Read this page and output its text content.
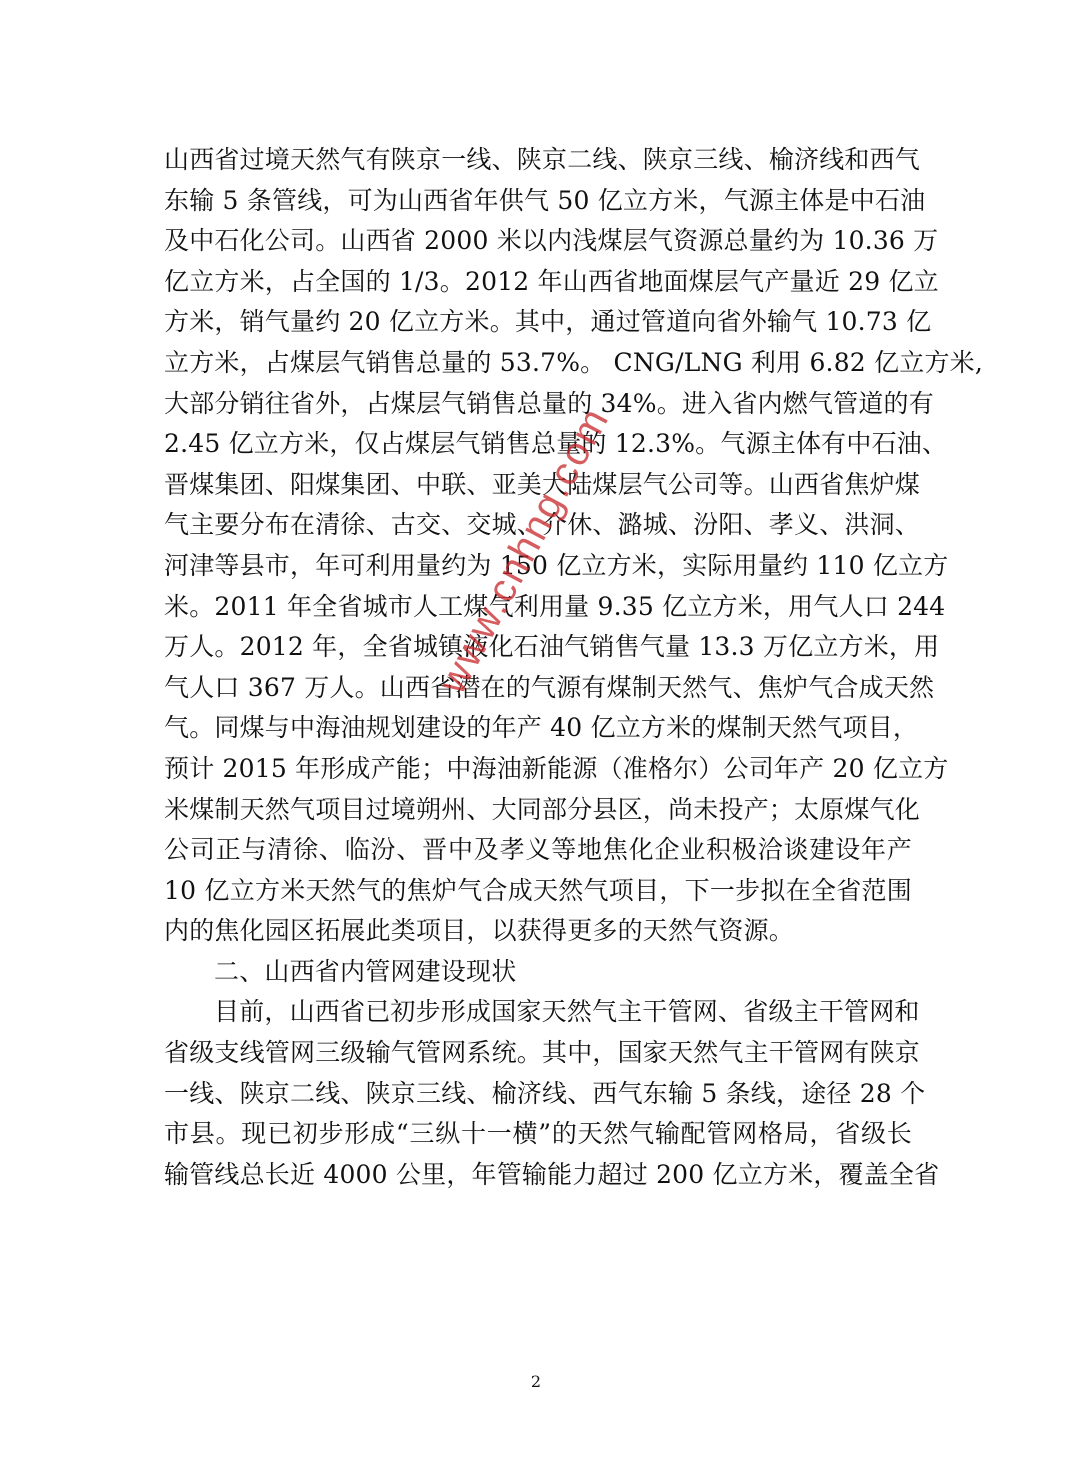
山西省过境天然气有陕京一线、陕京二线、陕京三线、榆济线和西气
东输 5 条管线，可为山西省年供气 50 亿立方米，气源主体是中石油
及中石化公司。山西省 2000 米以内浅煤层气资源总量约为 10.36 万
亿立方米，占全国的 1/3。2012 年山西省地面煤层气产量近 29 亿立
方米，销气量约 20 亿立方米。其中，通过管道向省外输气 10.73 亿
立方米，占煤层气销售总量的 53.7%。 CNG/LNG 利用 6.82 亿立方米,
大部分销往省外，占煤层气销售总量的 34%。进入省内燃气管道的有
2.45 亿立方米，仅占煤层气销售总量的 12.3%。气源主体有中石油、
晋煤集团、阳煤集团、中联、亚美大陆煤层气公司等。山西省焦炉煤
气主要分布在清徐、古交、交城、介休、潞城、汾阳、孝义、洪洞、
河津等县市，年可利用量约为 150 亿立方米，实际用量约 110 亿立方
米。2011 年全省城市人工煤气利用量 9.35 亿立方米，用气人口 244
万人。2012 年，全省城镇液化石油气销售气量 13.3 万亿立方米，用
气人口 367 万人。山西省潜在的气源有煤制天然气、焦炉气合成天然
气。同煤与中海油规划建设的年产 40 亿立方米的煤制天然气项目，
预计 2015 年形成产能；中海油新能源（准格尔）公司年产 20 亿立方
米煤制天然气项目过境朔州、大同部分县区，尚未投产；太原煤气化
公司正与清徐、临汾、晋中及孝义等地焦化企业积极洽谈建设年产
10 亿立方米天然气的焦炉气合成天然气项目，下一步拟在全省范围
内的焦化园区拓展此类项目，以获得更多的天然气资源。
二、山西省内管网建设现状
目前，山西省已初步形成国家天然气主干管网、省级主干管网和
省级支线管网三级输气管网系统。其中，国家天然气主干管网有陕京
一线、陕京二线、陕京三线、榆济线、西气东输 5 条线，途径 28 个
市县。现已初步形成“三纵十一横”的天然气输配管网格局，省级长
输管线总长近 4000 公里，年管输能力超过 200 亿立方米，覆盖全省
www.cnhng.com
2
